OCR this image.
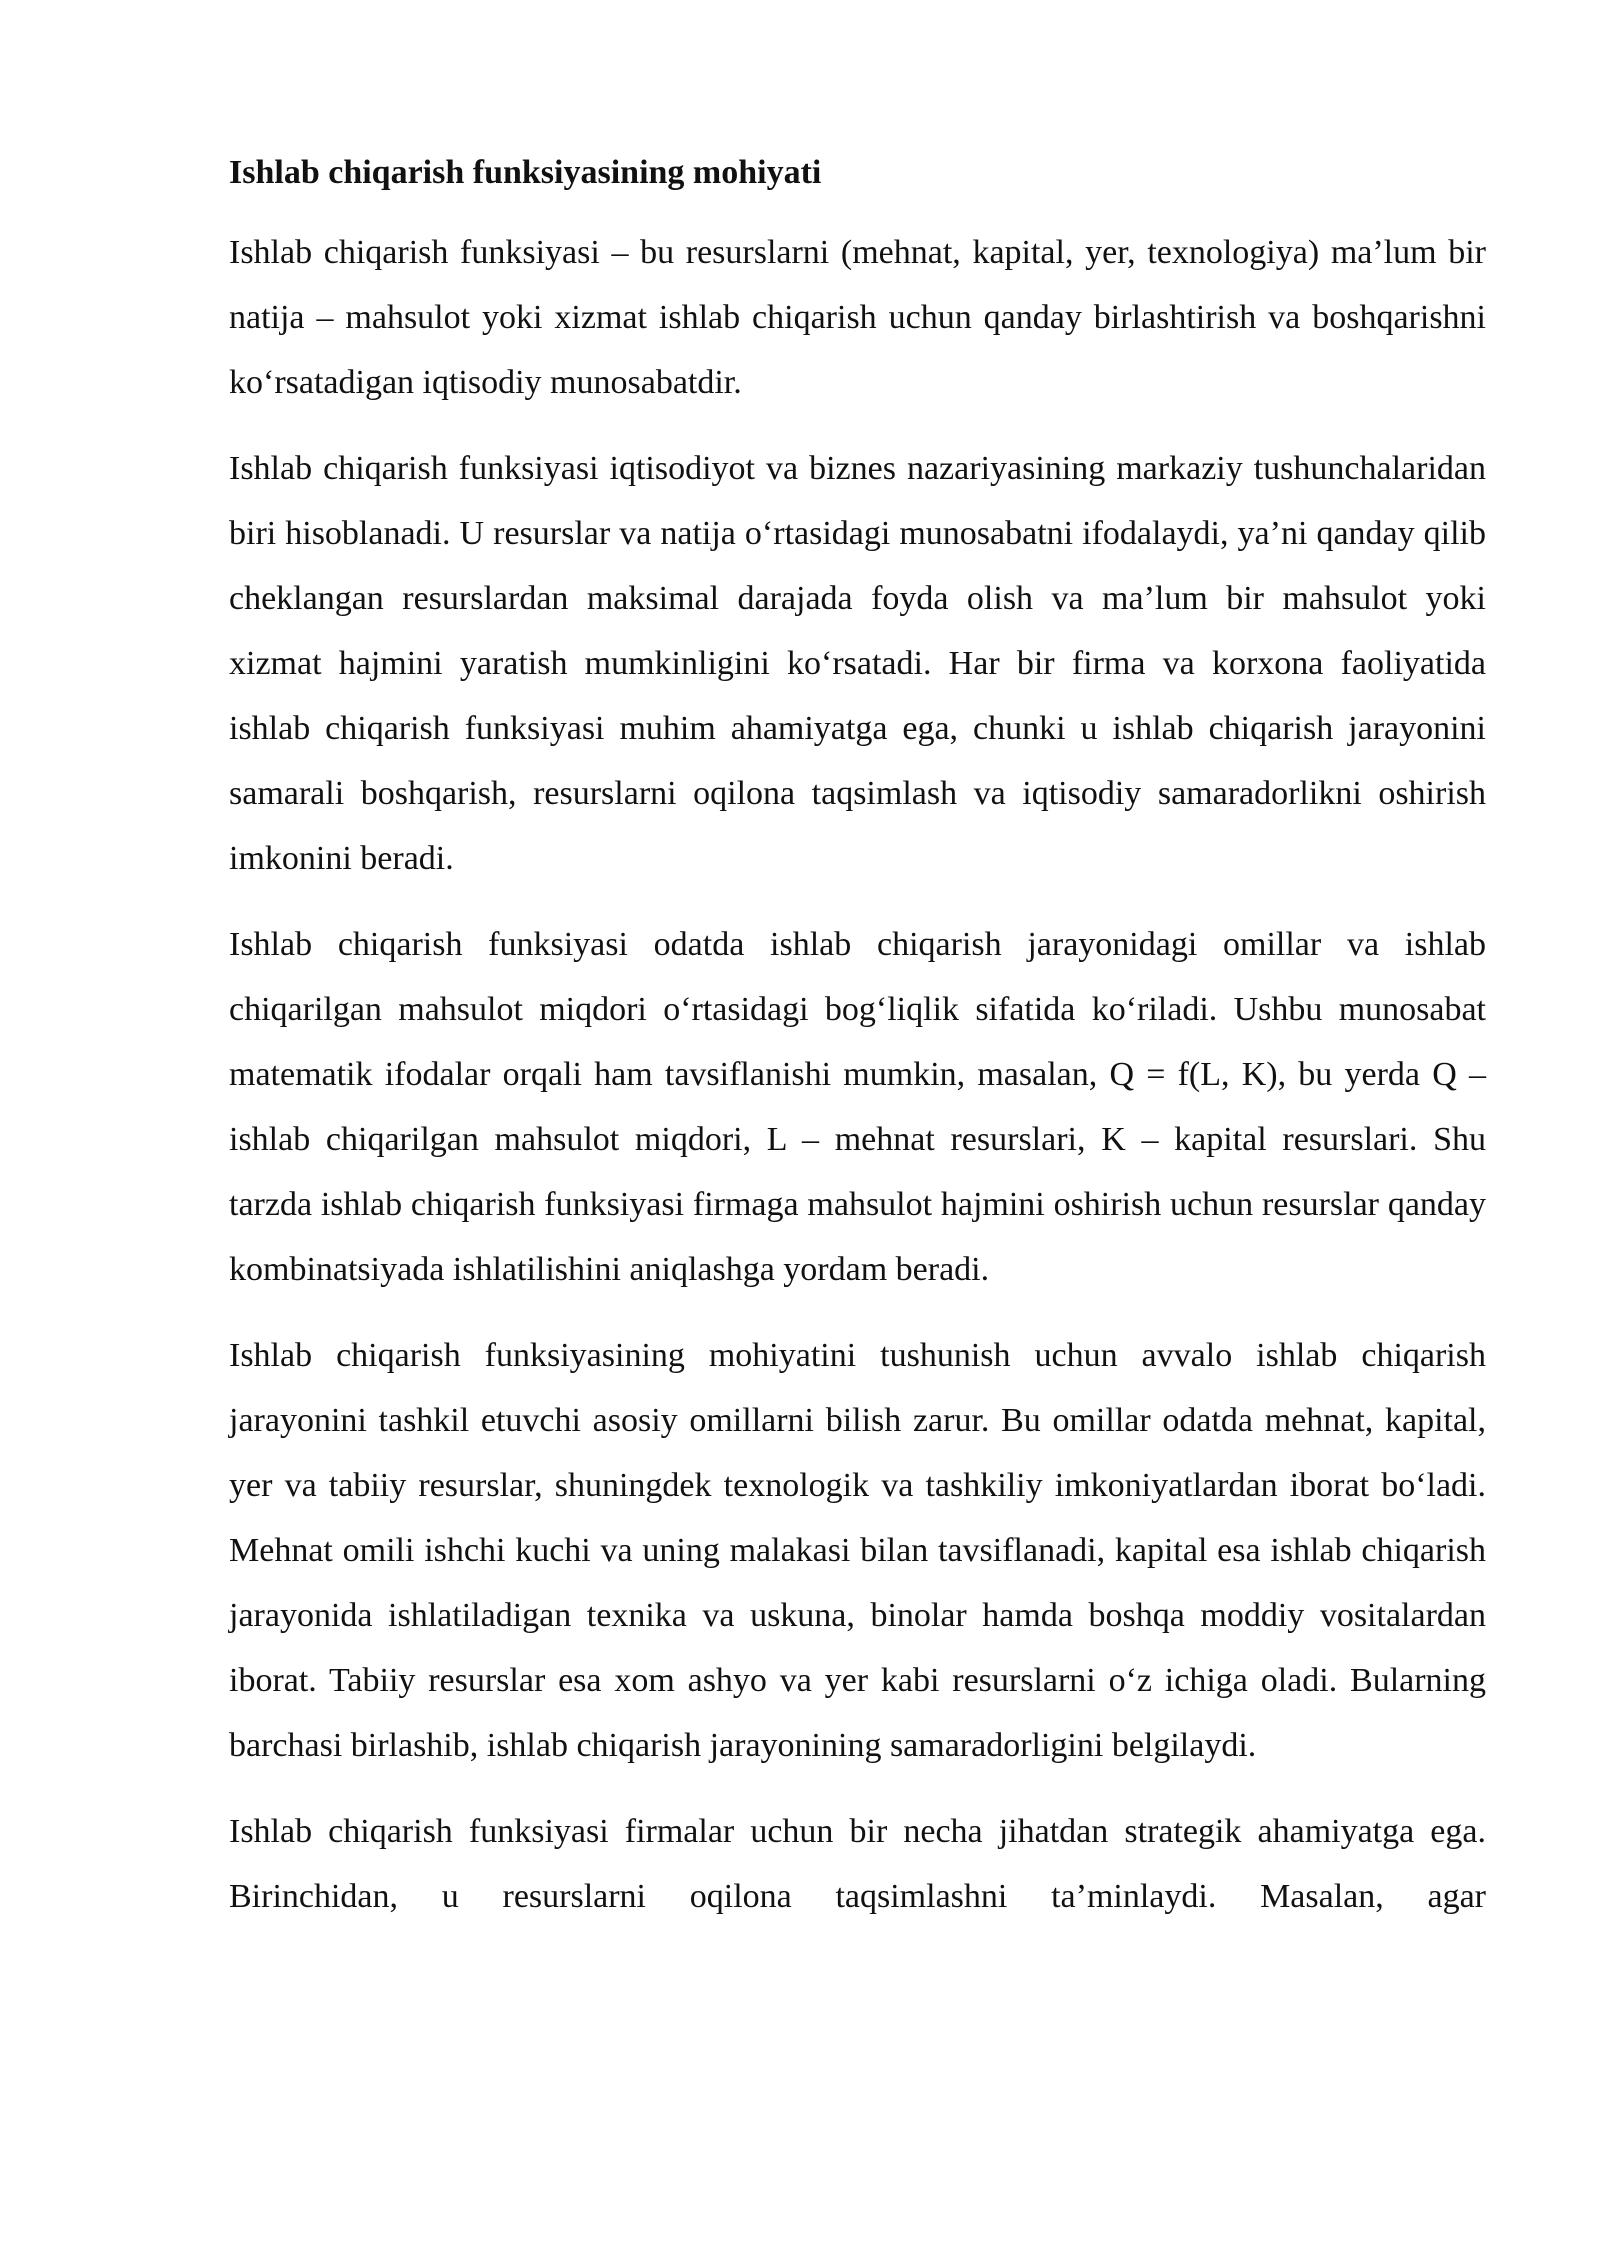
Ishlab chiqarish funksiyasining mohiyati

Ishlab chiqarish funksiyasi – bu resurslarni (mehnat, kapital, yer, texnologiya) ma’lum bir natija – mahsulot yoki xizmat ishlab chiqarish uchun qanday birlashtirish va boshqarishni ko‘rsatadigan iqtisodiy munosabatdir.

Ishlab chiqarish funksiyasi iqtisodiyot va biznes nazariyasining markaziy tushunchalaridan biri hisoblanadi. U resurslar va natija o‘rtasidagi munosabatni ifodalaydi, ya’ni qanday qilib cheklangan resurslardan maksimal darajada foyda olish va ma’lum bir mahsulot yoki xizmat hajmini yaratish mumkinligini ko‘rsatadi. Har bir firma va korxona faoliyatida ishlab chiqarish funksiyasi muhim ahamiyatga ega, chunki u ishlab chiqarish jarayonini samarali boshqarish, resurslarni oqilona taqsimlash va iqtisodiy samaradorlikni oshirish imkonini beradi.

Ishlab chiqarish funksiyasi odatda ishlab chiqarish jarayonidagi omillar va ishlab chiqarilgan mahsulot miqdori o‘rtasidagi bog‘liqlik sifatida ko‘riladi. Ushbu munosabat matematik ifodalar orqali ham tavsiflanishi mumkin, masalan, Q = f(L, K), bu yerda Q – ishlab chiqarilgan mahsulot miqdori, L – mehnat resurslari, K – kapital resurslari. Shu tarzda ishlab chiqarish funksiyasi firmaga mahsulot hajmini oshirish uchun resurslar qanday kombinatsiyada ishlatilishini aniqlashga yordam beradi.

Ishlab chiqarish funksiyasining mohiyatini tushunish uchun avvalo ishlab chiqarish jarayonini tashkil etuvchi asosiy omillarni bilish zarur. Bu omillar odatda mehnat, kapital, yer va tabiiy resurslar, shuningdek texnologik va tashkiliy imkoniyatlardan iborat bo‘ladi. Mehnat omili ishchi kuchi va uning malakasi bilan tavsiflanadi, kapital esa ishlab chiqarish jarayonida ishlatiladigan texnika va uskuna, binolar hamda boshqa moddiy vositalardan iborat. Tabiiy resurslar esa xom ashyo va yer kabi resurslarni o‘z ichiga oladi. Bularning barchasi birlashib, ishlab chiqarish jarayonining samaradorligini belgilaydi.

Ishlab chiqarish funksiyasi firmalar uchun bir necha jihatdan strategik ahamiyatga ega. Birinchidan, u resurslarni oqilona taqsimlashni ta’minlaydi. Masalan, agar
